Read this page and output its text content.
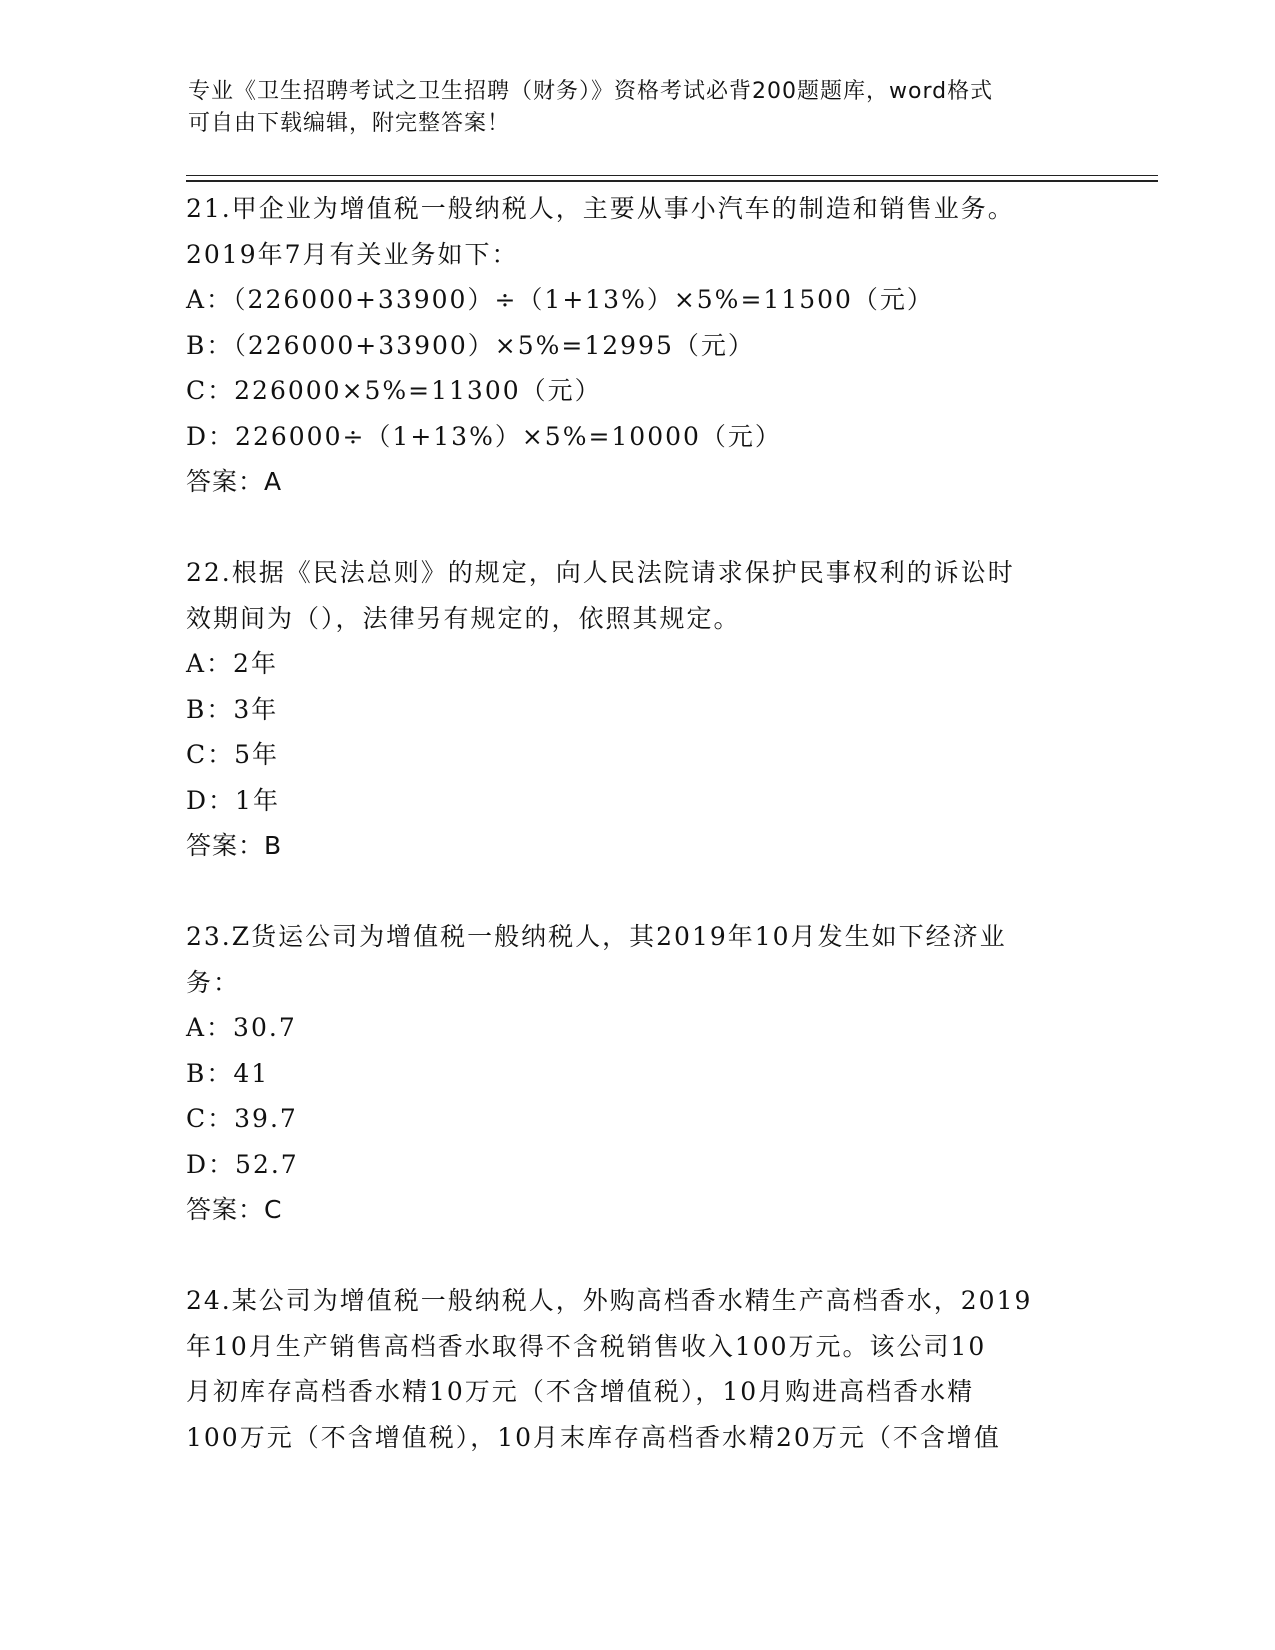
专业《卫生招聘考试之卫生招聘（财务）》资格考试必背200题题库，word格式
可自由下载编辑，附完整答案！
21.甲企业为增值税一般纳税人，主要从事小汽车的制造和销售业务。
2019年7月有关业务如下：
A：（226000+33900）÷（1+13%）×5%=11500（元）
B：（226000+33900）×5%=12995（元）
C：226000×5%=11300（元）
D：226000÷（1+13%）×5%=10000（元）
答案：A
22.根据《民法总则》的规定，向人民法院请求保护民事权利的诉讼时
效期间为（），法律另有规定的，依照其规定。
A：2年
B：3年
C：5年
D：1年
答案：B
23.Z货运公司为增值税一般纳税人，其2019年10月发生如下经济业
务：
A：30.7
B：41
C：39.7
D：52.7
答案：C
24.某公司为增值税一般纳税人，外购高档香水精生产高档香水，2019
年10月生产销售高档香水取得不含税销售收入100万元。该公司10
月初库存高档香水精10万元（不含增值税），10月购进高档香水精
100万元（不含增值税），10月末库存高档香水精20万元（不含增值
